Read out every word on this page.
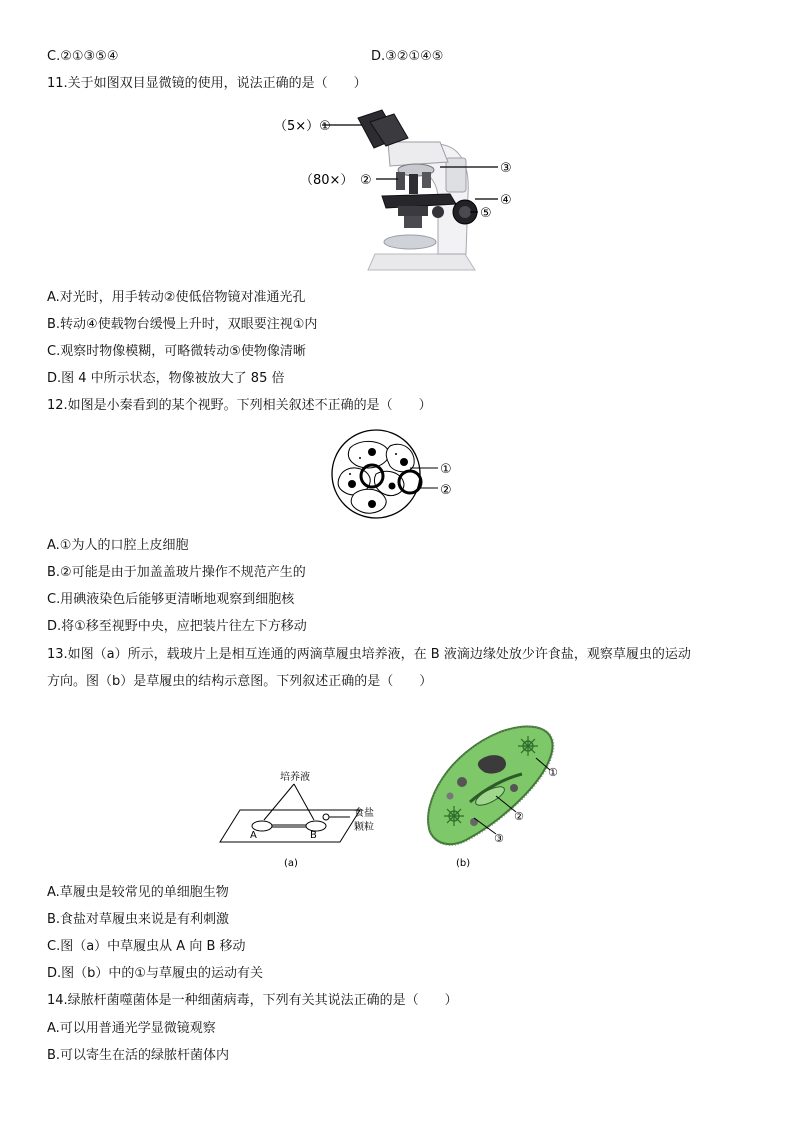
C.②①③⑤④	D.③②①④⑤
11.关于如图双目显微镜的使用，说法正确的是（　　）
（5×）①
（80×） ②
③
④
⑤
A.对光时，用手转动②使低倍物镜对准通光孔
B.转动④使载物台缓慢上升时，双眼要注视①内
C.观察时物像模糊，可略微转动⑤使物像清晰
D.图 4 中所示状态，物像被放大了 85 倍
12.如图是小秦看到的某个视野。下列相关叙述不正确的是（　　）
①
②
A.①为人的口腔上皮细胞
B.②可能是由于加盖盖玻片操作不规范产生的
C.用碘液染色后能够更清晰地观察到细胞核
D.将①移至视野中央，应把装片往左下方移动
13.如图（a）所示，载玻片上是相互连通的两滴草履虫培养液，在 B 液滴边缘处放少许食盐，观察草履虫的运动
方向。图（b）是草履虫的结构示意图。下列叙述正确的是（　　）
培养液
食盐
颗粒
A	B
(a)
①
②
③
(b)
A.草履虫是较常见的单细胞生物
B.食盐对草履虫来说是有利刺激
C.图（a）中草履虫从 A 向 B 移动
D.图（b）中的①与草履虫的运动有关
14.绿脓杆菌噬菌体是一种细菌病毒，下列有关其说法正确的是（　　）
A.可以用普通光学显微镜观察
B.可以寄生在活的绿脓杆菌体内
